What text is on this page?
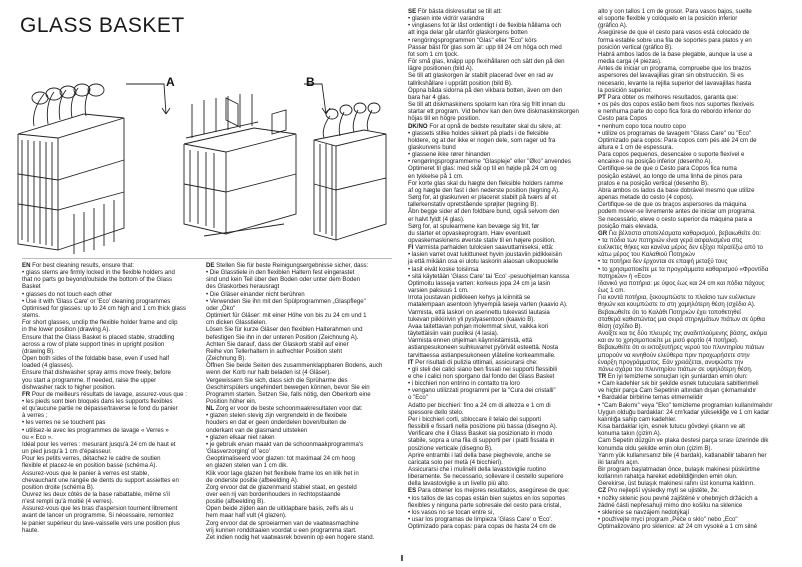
GLASS BASKET
A	B

EN For best cleaning results, ensure that:

• glass stems are firmly locked in the flexible holders and

that no parts go beyond/outside the bottom of the Glass

Basket

• glasses do not touch each other

• Use it with 'Glass Care' or 'Eco' cleaning programmes

Optimised for glasses: up to 24 cm high and 1 cm thick glass

stems.

For short glasses, unclip the flexible holder frame and clip

in the lower position (drawing A).

Ensure that the Glass Basket is placed stable, straddling

across a row of plate support tines in upright position

(drawing B).

Open both sides of the foldable base, even if used half

loaded (4 glasses).

Ensure that dishwasher spray arms move freely, before

you start a programme. If needed, raise the upper

dishwasher rack to higher position.

FR Pour de meilleurs résultats de lavage, assurez-vous que :

• les pieds sont bien bloqués dans les supports flexibles

et qu'aucune partie ne dépasse/traverse le fond du panier

à verres ;

• les verres ne se touchent pas

• utilisez-le avec les programmes de lavage « Verres »

ou « Eco ».

Idéal pour les verres : mesurant jusqu'à 24 cm de haut et

un pied jusqu'à 1 cm d'épaisseur.

Pour les petits verres, détachez le cadre de soutien

flexible et placez-le en position basse (schéma A).

Assurez-vous que le panier à verres est stable,

chevauchant une rangée de dents du support assiettes en

position droite (schéma B).

Ouvrez les deux côtés de la base rabattable, même s'il

n'est rempli qu'à moitié (4 verres).

Assurez-vous que les bras d'aspersion tournent librement

avant de lancer un programme. Si nécessaire, remontez

le panier supérieur du lave-vaisselle vers une position plus

haute.

DE Stellen Sie für beste Reinigungsergebnisse sicher, dass:

• Die Glasstiele in den flexiblen Haltern fest eingerastet

sind und kein Teil über den Boden oder unter dem Boden

des Glaskorbes herausragt

• Die Gläser einander nicht berühren

• Verwenden Sie ihn mit den Spülprogrammen „Glaspflege"

oder „Öko"

Optimiert für Gläser: mit einer Höhe von bis zu 24 cm und 1

cm dicken Glasstielen.

Lösen Sie für kurze Gläser den flexiblen Halterahmen und

befestigen Sie ihn in der unteren Position (Zeichnung A).

Achten Sie darauf, dass der Glaskorb stabil auf einer

Reihe von Tellerhaltern in aufrechter Position steht

(Zeichnung B).

Öffnen Sie beide Seiten des zusammenklappbaren Bodens, auch

wenn der Korb nur halb beladen ist (4 Gläser).

Vergewissern Sie sich, dass sich die Sprüharme des

Geschirrspülers ungehindert bewegen können, bevor Sie ein

Programm starten. Setzen Sie, falls nötig, den Oberkorb eine

Position höher ein.

NL Zorg er voor de beste schoonmaakresultaten voor dat:

• glazen stelen stevig zijn vergrendeld in de flexibele

houders en dat er geen onderdelen boven/buiten de

onderkant van de glasmand uitsteken

• glazen elkaar niet raken

• je gebruik ervan maakt van de schoonmaakprogramma's

'Glasverzorging' of 'eco'

Geoptimaliseerd voor glazen: tot maximaal 24 cm hoog

en glazen stelen van 1 cm dik.

Klik voor lage glazen het flexibele frame los en klik het in

de onderste positie (afbeelding A).

Zorg ervoor dat de glazenmand stabiel staat, en gesteld

over een rij van bordenhouders in rechtopstaande

positie (afbeelding B).

Open beide zijden aan de uitklapbare basis, zelfs als u

hem maar half vult (4 glazen).

Zorg ervoor dat de sproeiarmen van de vaatwasmachine

vrij kunnen ronddraaien voordat u een programma start.

Zet indien nodig het vaatwasrek bovenin op een hogere stand.

SE För bästa diskresultat se till att:

• glasen inte vidrör varandra

• vinglasens fot är låst ordentligt i de flexibla hållarna och

att inga delar går utanför glaskorgens botten

• rengöringsprogrammen "Glas" eller "Eco" körs

Passar bäst för glas som är: upp till 24 cm höga och med

fot som 1 cm tjock.

För små glas, knäpp upp flexihållaren och sätt den på den

lägre positionen (bild A).

Se till att glaskorgen är stabilt placerad över en rad av

tallrikshållare i upprätt position (bild B).

Öppna båda sidorna på den vikbara botten, även om den

bara har 4 glas.

Se till att diskmaskinens spolarm kan röra sig fritt innan du

startar ett program. Vid behov kan den övre diskmaskinskorgen

höjas till en högre position.

DK/NO For at opnå de bedste resultater skal du sikre, at:

• glassets stilke holdes sikkert på plads i de fleksible

holdere, og at der ikke er nogen dele, som rager ud fra

glaskurvens bund

• glassene ikke rører hinanden

• rengøringsprogrammerne "Glaspleje" eller "Øko" anvendes

Optimeret til glas: med skål op til en højde på 24 cm og

en tykkelse på 1 cm.

For korte glas skal du hægte den fleksible holders ramme

af og hægte den fast i den nederste position (tegning A).

Sørg for, at glaskurven er placeret stabilt på tværs af et

tallerkenstativ opretstående sprøjter (tegning B).

Åbn begge sider af den foldbare bund, også selvom den

er halvt fyldt (4 glas).

Sørg for, at spulearmene kan bevæge sig frit, før

du starter et opvaskeprogram. Hæv eventuelt

opvaskemaskinens øverste stativ til en højere position.

FI Varmista parhaiden tuloksien saavuttamiseksi, että:

• lasien varret ovat lukittuneet hyvin joustaviin pidikkeisiin

ja että mikään osa ei ulotu laskorin alaosan ulkopuolelle

• lasit eivät koske toisiinsa

• sitä käytetään 'Glass Care' tai 'Eco' -pesuohjelman kanssa

Optimoitu lasseja varten: korkeus jopa 24 cm ja lasin

varsien paksuus 1 cm.

Irrota joustavan pidikkeen kehys ja kiinnitä se

matalempaan asentoon lyhyempiä laseja varten (kaavio A).

Varmista, että laskori on asennettu tukevasti lautasia

tukevan piikkirivin yli pystyasentoon (kaavio B).

Avaa taitettavan pohjan molemmat sivut, vaikka kori

täytettäisiin vain puoliksi (4 lasia).

Varmista ennen ohjelman käynnistämistä, että

astianpesukoneen suihkuvarret pyörivät esteettä. Nosta

tarvittaessa astianpesukoneen yläteline korkeammalle.

IT Per risultati di pulizia ottimali, assicurarsi che:

• gli steli dei calici siano ben fissati nei supporti flessibili

e che i calici non sporgano dal fondo del Glass Basket

• i bicchieri non entrino in contatto tra loro

• vengano utilizzati programmi per la "Cura dei cristalli"

o "Eco"

Adatto per bicchieri: fino a 24 cm di altezza e 1 cm di

spessore dello stelo.

Per i bicchieri corti, sbloccare il telaio dei supporti

flessibili e fissarli nella posizione più bassa (disegno A).

Verificare che il Glass Basket sia posizionato in modo

stabile, sopra a una fila di supporti per i piatti fissata in

posizione verticale (disegno B).

Aprire entrambi i lati della base pieghevole, anche se

caricata solo per metà (4 bicchieri).

Assicurarsi che i mulinelli della lavastoviglie ruotino

liberamente. Se necessario, sollevare il cestello superiore

della lavastoviglie a un livello più alto.

ES Para obtener los mejores resultados, asegúrese de que:

• los tallos de las copas están bien sujetos en los soportes

flexibles y ninguna parte sobresale del cesto para cristal,

• los vasos no se tocan entre sí,

• usar los programas de limpieza 'Glass Care' o 'Eco'.

Optimizado para copas: para copas de hasta 24 cm de

alto y con tallos 1 cm de grosor. Para vasos bajos, suelte

el soporte flexible y colóquelo en la posición inferior

(gráfico A).

Asegúrese de que el cesto para vasos está colocado de

forma estable sobre una fila de soportes para platos y en

posición vertical (gráfico B).

Habrá ambos lados de la base plegable, aunque la use a

media carga (4 piezas).

Antes de iniciar un programa, compruebe que los brazos

aspersores del lavavajillas giran sin obstrucción. Si es

necesario, levante la rejilla superior del lavavajillas hasta

la posición superior.

PT Para obter os melhores resultados, garanta que:

• os pés dos copos estão bem fixos nos suportes flexíveis

e nenhuma parte do copo fica fora do rebordo inferior do

Cesto para Copos

• nenhum copo toca noutro copo

• utilize os programas de lavagem "Glass Care" ou "Eco"

Optimizado para copos: Para copos com pés até 24 cm de

altura e 1 cm de espessura.

Para copos pequenos, desencaixe o suporte flexível e

encaixe-o na posição inferior (desenho A).

Certifique-se de que o Cesto para Copos fica numa

posição estável, ao longo de uma linha de pinos para

pratos e na posição vertical (desenho B).

Abra ambos os lados da base dobrável mesmo que utilize

apenas metade do cesto (4 copos).

Certifique-se de que os braços aspersores da máquina

podem mover-se livremente antes de iniciar um programa.

Se necessário, eleve o cesto superior da máquina para a

posição mais elevada.

GR Για βέλτιστα αποτελέσματα καθαρισμού, βεβαιωθείτε ότι:

• τα πόδια των ποτηριών είναι γερά ασφαλισμένα στις

ευέλικτες θήκες και κανένα μέρος δεν εξέχει πέρα/έξω από το

κάτω μέρος του Καλαθιού Ποτηριών

• τα ποτήρια δεν έρχονται σε επαφή μεταξύ τους

• το χρησιμοποιείτε με τα προγράμματα καθαρισμού «Φροντίδα

ποτηριών» ή «Eco»

Ιδανικό για ποτήρια: με ύψος έως και 24 cm και πόδια πάχους

έως 1 cm.

Για κοντά ποτήρια, ξεκουμπώστε το πλαίσιο των ευέλικτων

θηκών και κουμπώστε το στη χαμηλότερη θέση (σχέδιο Α).

Βεβαιωθείτε ότι το Καλάθι Ποτηριών έχει τοποθετηθεί

σταθερά καθιστώντας μια σειρά στηριγμάτων πιάτων σε όρθια

θέση (σχέδιο Β).

Ανοίξτε και τις δύο πλευρές της αναδιπλούμενης βάσης, ακόμα

και αν το χρησιμοποιείτε με μισό φορτίο (4 ποτήρια).

Βεβαιωθείτε ότι οι εκτοξευτήρες νερού του πλυντηρίου πιάτων

μπορούν να κινηθούν ελεύθερα πριν προχωρήσετε στην

έναρξη προγράμματος. Εάν χρειάζεται, ανυψώστε την

πάνω σχάρα του πλυντηρίου πιάτων σε υψηλότερη θέση.

TR En iyi temizleme sonuçları için şunlardan emin olun:

• Cam kadehler sık bir şekilde esnek tutuculara sabitlenmeli

ve hiçbir parça Cam Sepetinin altından dışarı çıkmamalıdır

• Bardaklar birbirine temas etmemelidir

• "Cam Bakımı" veya "Eko" temizleme programları kullanılmalıdır

Uygun olduğu bardaklar: 24 cm'kadar yüksekliğe ve 1 cm kadar

kalınlığa sahip cam kadehler.

Kısa bardaklar için, esnek tutucu gövdeyi çıkarın ve alt

konuma takın (çizim A).

Cam Sepetin düzgün ve plaka destesi parça sırası üzerinde dik

konumda oldu şekilde emin olun (çizim B).

Yarım yük kullanırsanız bile (4 bardak), katlanabilir tabanın her

iki tarafını açın.

Bir program başlatmadan önce, bulaşık makinesi püskürtme

kollarının rahatça hareket edebildiğinden emin olun.

Gerekirse, üst bulaşık makinesi rafını üst konuma kaldırın.

CZ Pro nejlepší výsledky mytí se ujistěte, že:

• nožky sklenic jsou pevně zajištěné v ohebných držácích a

žádné části nepřesahují mimo dno košíku na sklenice

• sklenice se navzájem nedotýkají

• používejte mycí program „Péče o sklo" nebo „Eco"

Optimalizováno pro sklenice: až 24 cm vysoké a 1 cm silné
